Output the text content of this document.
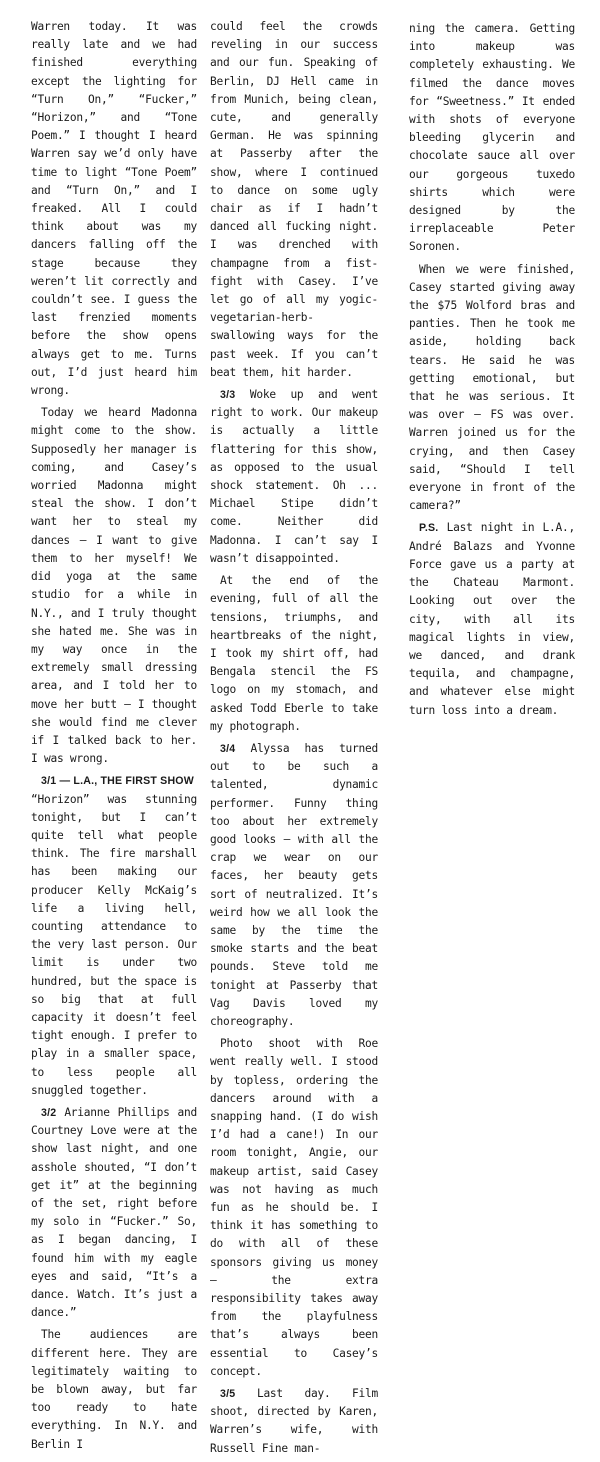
Warren today. It was really late and we had finished everything except the lighting for “Turn On,” “Fucker,” “Horizon,” and “Tone Poem.” I thought I heard Warren say we’d only have time to light “Tone Poem” and “Turn On,” and I freaked. All I could think about was my dancers falling off the stage because they weren’t lit correctly and couldn’t see. I guess the last frenzied moments before the show opens always get to me. Turns out, I’d just heard him wrong.

Today we heard Madonna might come to the show. Supposedly her manager is coming, and Casey’s worried Madonna might steal the show. I don’t want her to steal my dances — I want to give them to her myself! We did yoga at the same studio for a while in N.Y., and I truly thought she hated me. She was in my way once in the extremely small dressing area, and I told her to move her butt — I thought she would find me clever if I talked back to her. I was wrong.

3/1 — L.A., THE FIRST SHOW
“Horizon” was stunning tonight, but I can’t quite tell what people think. The fire marshall has been making our producer Kelly McKaig’s life a living hell, counting attendance to the very last person. Our limit is under two hundred, but the space is so big that at full capacity it doesn’t feel tight enough. I prefer to play in a smaller space, to less people all snuggled together.

3/2 Arianne Phillips and Courtney Love were at the show last night, and one asshole shouted, “I don’t get it” at the beginning of the set, right before my solo in “Fucker.” So, as I began dancing, I found him with my eagle eyes and said, “It’s a dance. Watch. It’s just a dance.”

The audiences are different here. They are legitimately waiting to be blown away, but far too ready to hate everything. In N.Y. and Berlin I

could feel the crowds reveling in our success and our fun. Speaking of Berlin, DJ Hell came in from Munich, being clean, cute, and generally German. He was spinning at Passerby after the show, where I continued to dance on some ugly chair as if I hadn’t danced all fucking night. I was drenched with champagne from a fist-fight with Casey. I’ve let go of all my yogic-vegetarian-herb-swallowing ways for the past week. If you can’t beat them, hit harder.

3/3 Woke up and went right to work. Our makeup is actually a little flattering for this show, as opposed to the usual shock statement. Oh ... Michael Stipe didn’t come. Neither did Madonna. I can’t say I wasn’t disappointed.

At the end of the evening, full of all the tensions, triumphs, and heartbreaks of the night, I took my shirt off, had Bengala stencil the FS logo on my stomach, and asked Todd Eberle to take my photograph.

3/4 Alyssa has turned out to be such a talented, dynamic performer. Funny thing too about her extremely good looks — with all the crap we wear on our faces, her beauty gets sort of neutralized. It’s weird how we all look the same by the time the smoke starts and the beat pounds. Steve told me tonight at Passerby that Vag Davis loved my choreography.

Photo shoot with Roe went really well. I stood by topless, ordering the dancers around with a snapping hand. (I do wish I’d had a cane!) In our room tonight, Angie, our makeup artist, said Casey was not having as much fun as he should be. I think it has something to do with all of these sponsors giving us money — the extra responsibility takes away from the playfulness that’s always been essential to Casey’s concept.

3/5 Last day. Film shoot, directed by Karen, Warren’s wife, with Russell Fine man-

ning the camera. Getting into makeup was completely exhausting. We filmed the dance moves for “Sweetness.” It ended with shots of everyone bleeding glycerin and chocolate sauce all over our gorgeous tuxedo shirts which were designed by the irreplaceable Peter Soronen.

When we were finished, Casey started giving away the $75 Wolford bras and panties. Then he took me aside, holding back tears. He said he was getting emotional, but that he was serious. It was over — FS was over. Warren joined us for the crying, and then Casey said, “Should I tell everyone in front of the camera?”

P.S. Last night in L.A., André Balazs and Yvonne Force gave us a party at the Chateau Marmont. Looking out over the city, with all its magical lights in view, we danced, and drank tequila, and champagne, and whatever else might turn loss into a dream.
